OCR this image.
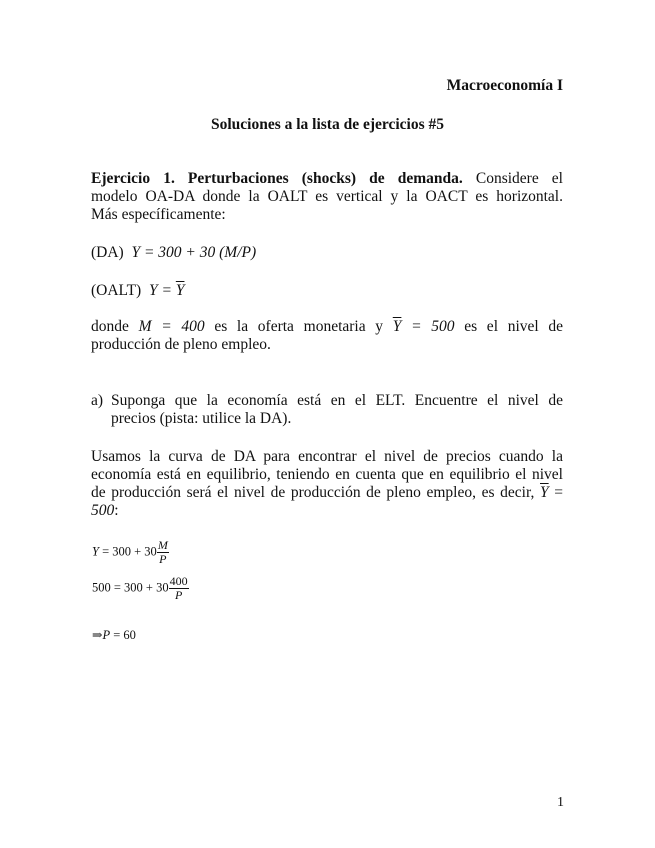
Macroeconomía I
Soluciones a la lista de ejercicios #5
Ejercicio 1. Perturbaciones (shocks) de demanda. Considere el
modelo OA-DA donde la OALT es vertical y la OACT es horizontal.
Más específicamente:
(DA) Y = 300 + 30 (M/P)
(OALT) $Y = \overline{Y}$
donde M = 400 es la oferta monetaria y $\overline{Y} = 500$ es el nivel de
producción de pleno empleo.
a) Suponga que la economía está en el ELT. Encuentre el nivel de
precios (pista: utilice la DA).
Usamos la curva de DA para encontrar el nivel de precios cuando la
economía está en equilibrio, teniendo en cuenta que en equilibrio el nivel
de producción será el nivel de producción de pleno empleo, es decir, $\overline{Y}$ =
500:
$Y = 300 + 30 \frac{M}{P}$
$500 = 300 + 30 \frac{400}{P}$
⇒P = 60
1
